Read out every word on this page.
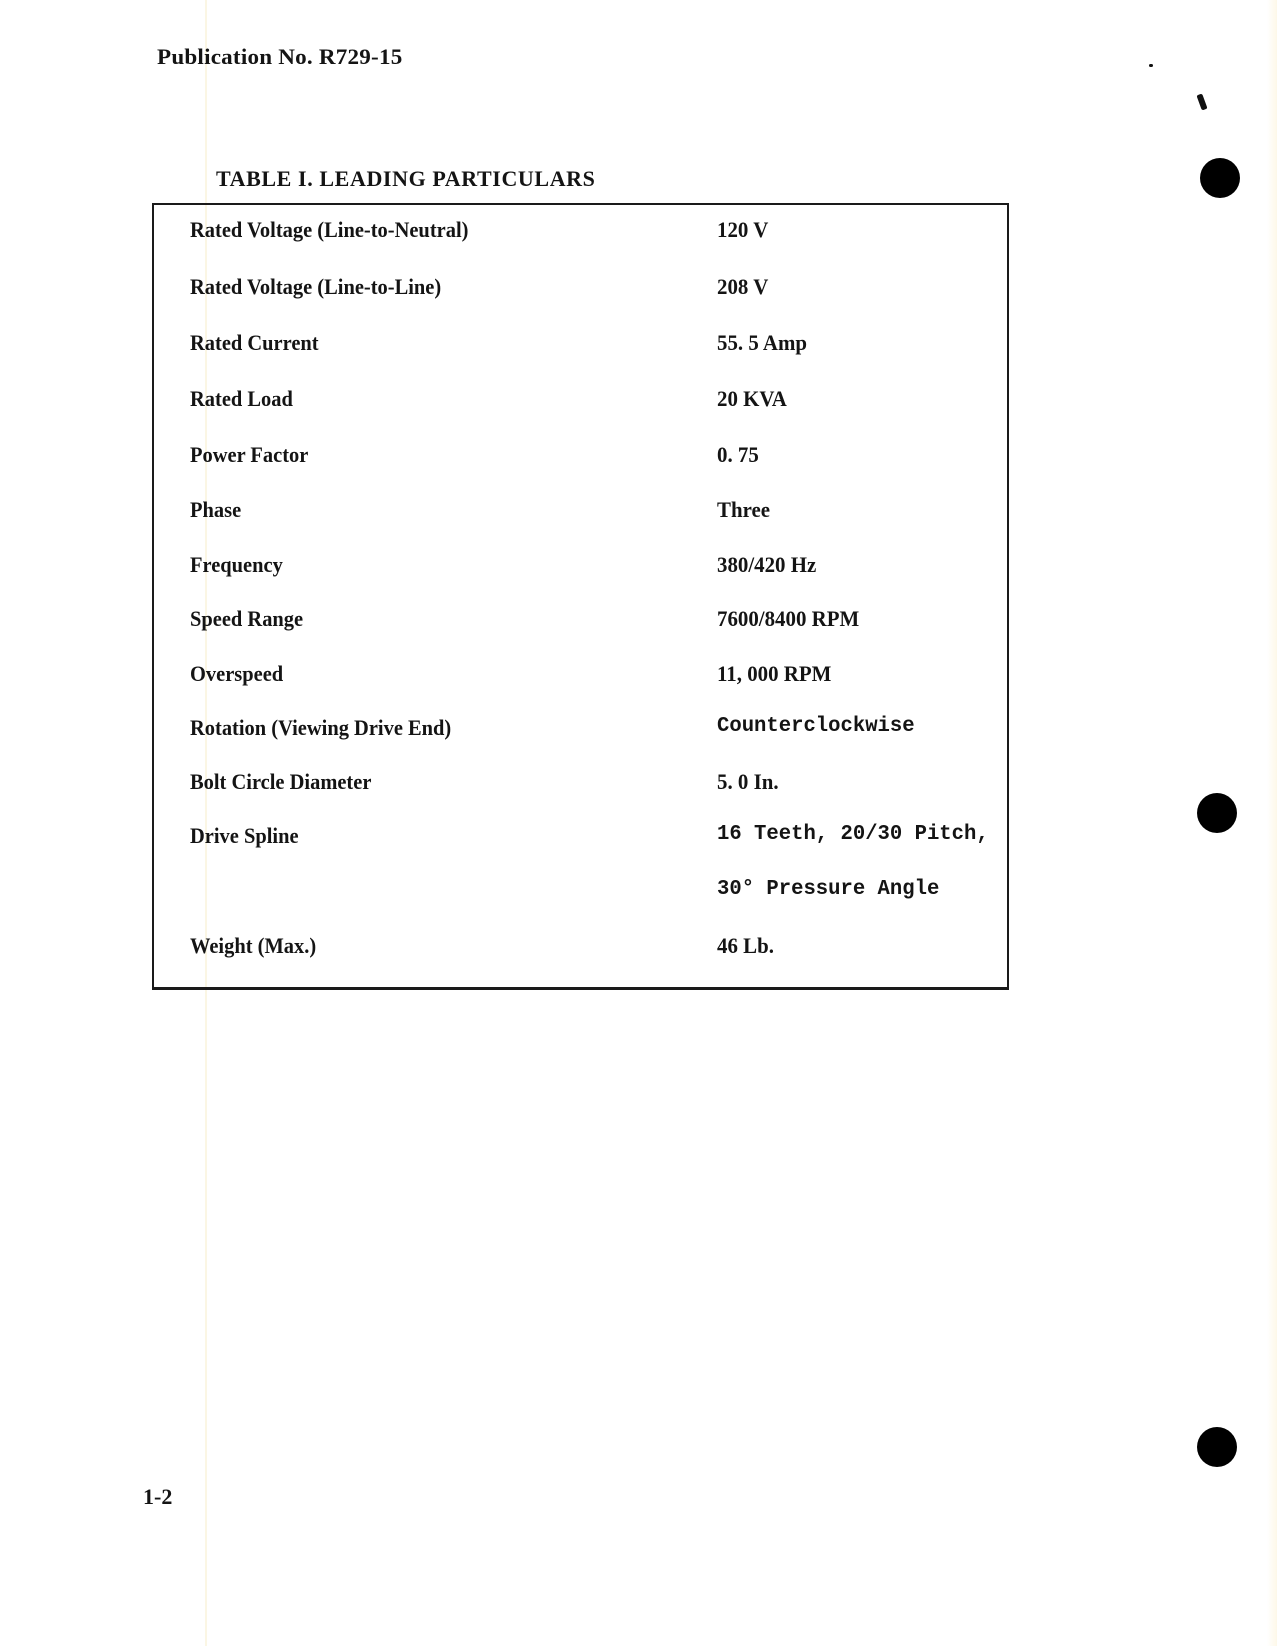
Publication No. R729-15
TABLE I. LEADING PARTICULARS
Rated Voltage (Line-to-Neutral)	120 V
Rated Voltage (Line-to-Line)	208 V
Rated Current	55. 5 Amp
Rated Load	20 KVA
Power Factor	0. 75
Phase	Three
Frequency	380/420 Hz
Speed Range	7600/8400 RPM
Overspeed	11, 000 RPM
Rotation (Viewing Drive End)	Counterclockwise
Bolt Circle Diameter	5. 0 In.
Drive Spline	16 Teeth, 20/30 Pitch,
30° Pressure Angle
Weight (Max.)	46 Lb.
1-2
